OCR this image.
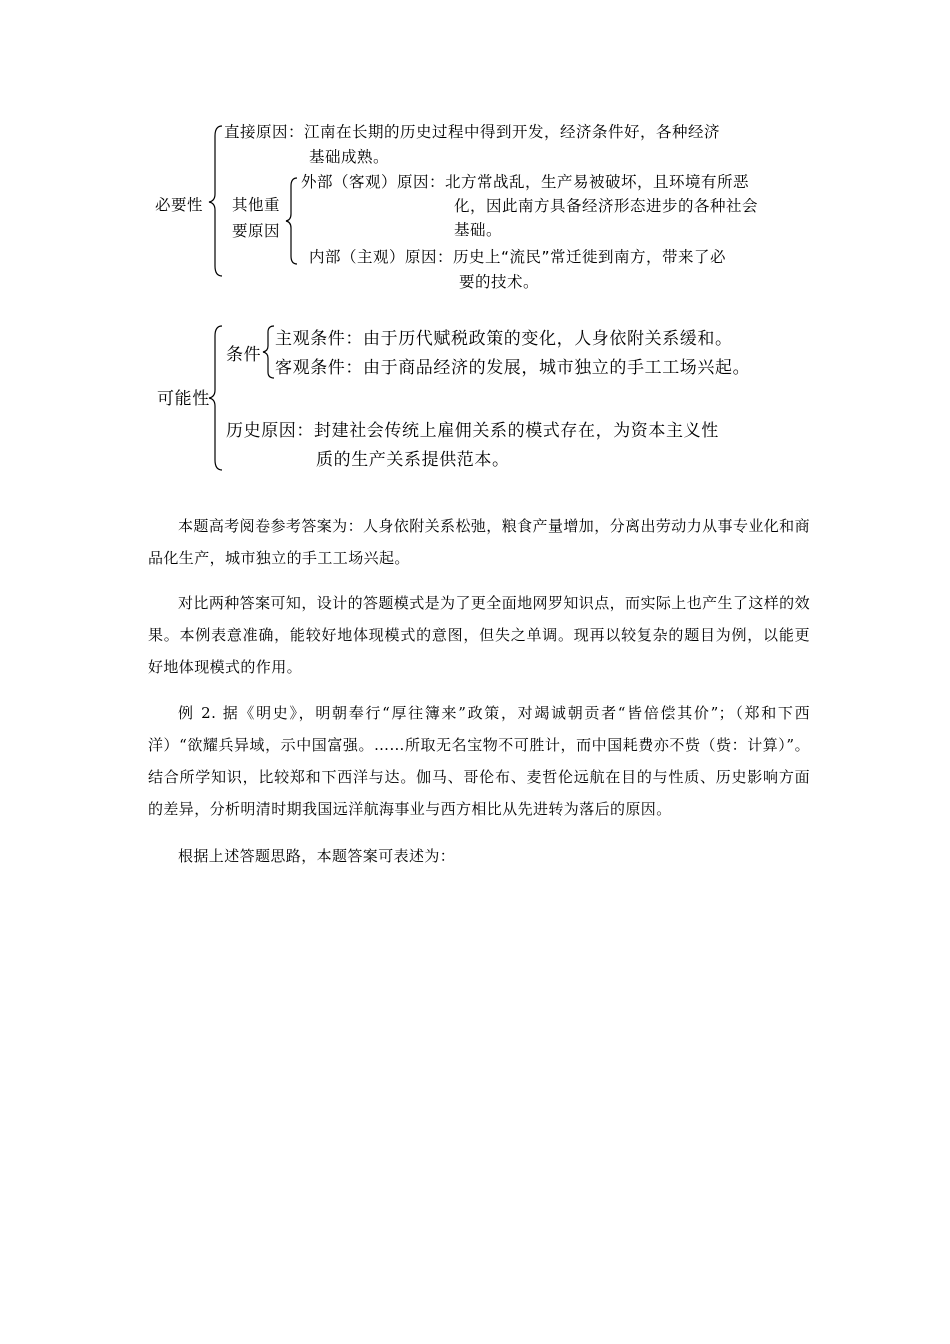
必要性
直接原因：江南在长期的历史过程中得到开发，经济条件好，各种经济
基础成熟。
其他重
要原因
外部（客观）原因：北方常战乱，生产易被破坏，且环境有所恶
化，因此南方具备经济形态进步的各种社会
基础。
内部（主观）原因：历史上“流民”常迁徙到南方，带来了必
要的技术。
可能性
条件
主观条件：由于历代赋税政策的变化，人身依附关系缓和。
客观条件：由于商品经济的发展，城市独立的手工工场兴起。
历史原因：封建社会传统上雇佣关系的模式存在，为资本主义性
质的生产关系提供范本。

本题高考阅卷参考答案为：人身依附关系松弛，粮食产量增加，分离出劳动力从事专业化和商品化生产，城市独立的手工工场兴起。

对比两种答案可知，设计的答题模式是为了更全面地网罗知识点，而实际上也产生了这样的效果。本例表意准确，能较好地体现模式的意图，但失之单调。现再以较复杂的题目为例，以能更好地体现模式的作用。

例 2. 据《明史》，明朝奉行“厚往簿来”政策，对竭诚朝贡者“皆倍偿其价”；（郑和下西洋）“欲耀兵异域，示中国富强。……所取无名宝物不可胜计，而中国耗费亦不赀（赀：计算）”。结合所学知识，比较郑和下西洋与达。伽马、哥伦布、麦哲伦远航在目的与性质、历史影响方面的差异，分析明清时期我国远洋航海事业与西方相比从先进转为落后的原因。

根据上述答题思路，本题答案可表述为：
